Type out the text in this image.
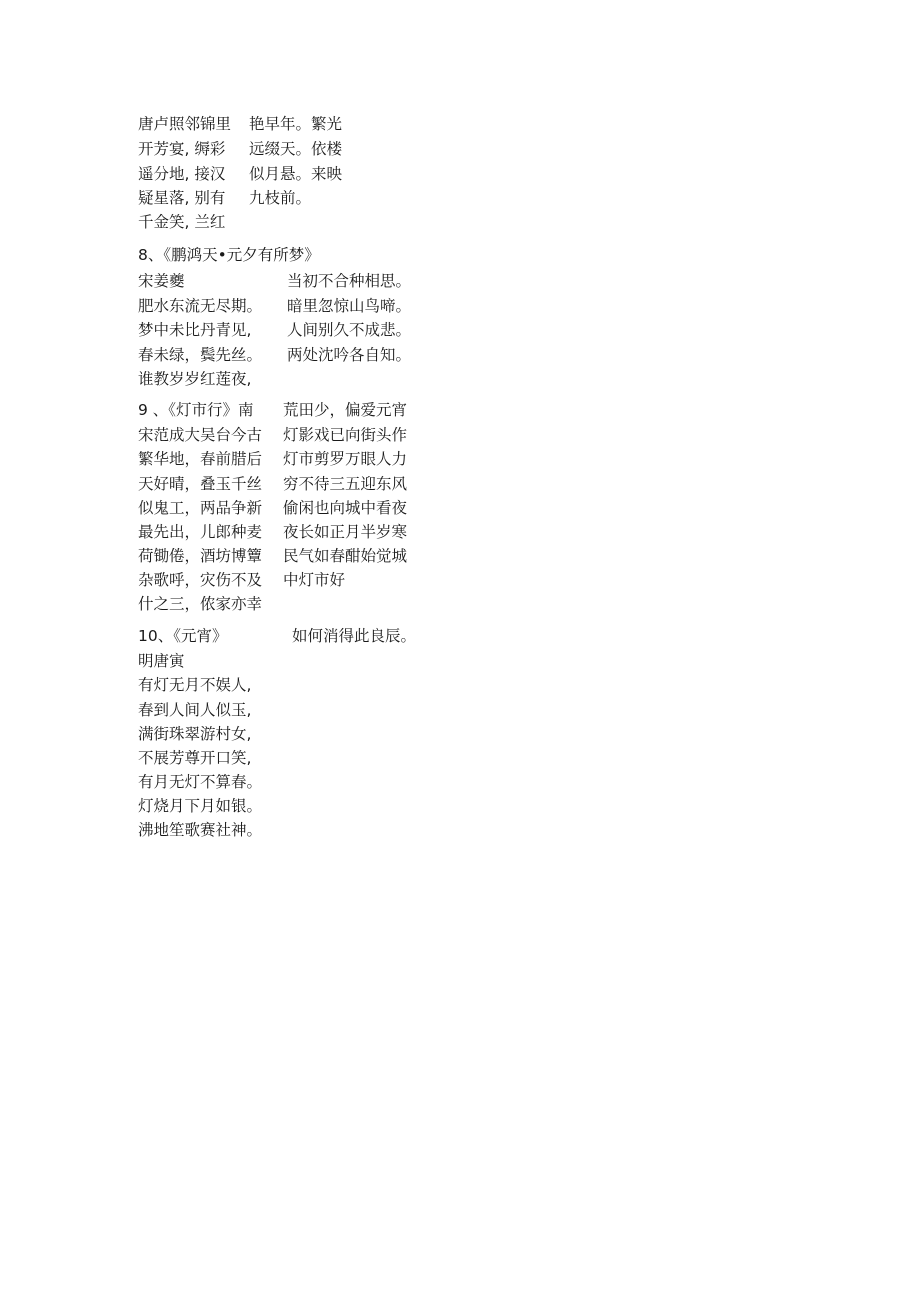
唐卢照邻锦里
开芳宴, 缛彩
遥分地, 接汉
疑星落, 别有
千金笑, 兰红
艳早年。繁光
远缀天。依楼
似月悬。来映
九枝前。
8、《鹏鸿天•元夕有所梦》
宋姜夔
肥水东流无尽期。
梦中未比丹青见,
春未绿，鬓先丝。
谁教岁岁红莲夜,
当初不合种相思。
暗里忽惊山鸟啼。
人间别久不成悲。
两处沈吟各自知。
9 、《灯市行》南
宋范成大吴台今古
繁华地，春前腊后
天好晴，叠玉千丝
似鬼工，两品争新
最先出，儿郎种麦
荷锄倦，酒坊博簟
杂歌呼，灾伤不及
什之三，侬家亦幸
荒田少，偏爱元宵
灯影戏已向街头作
灯市剪罗万眼人力
穷不待三五迎东风
偷闲也向城中看夜
夜长如正月半岁寒
民气如春酣始觉城
中灯市好
10、《元宵》	如何消得此良辰。
明唐寅
有灯无月不娱人,
春到人间人似玉,
满街珠翠游村女,
不展芳尊开口笑,
有月无灯不算春。
灯烧月下月如银。
沸地笙歌赛社神。
